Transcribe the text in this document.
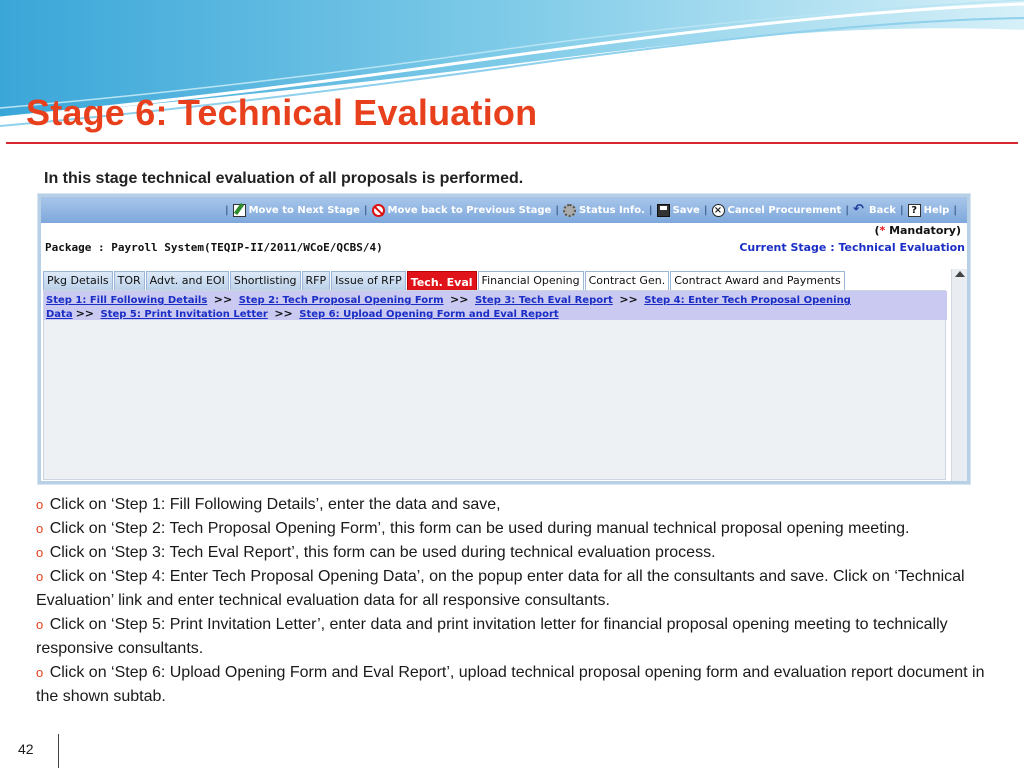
Stage 6: Technical Evaluation
In this stage technical evaluation of all proposals is performed.
| Move to Next Stage | Move back to Previous Stage | Status Info. | Save | × Cancel Procurement | ↶ Back | ? Help |
(* Mandatory)
Package : Payroll System(TEQIP-II/2011/WCoE/QCBS/4)	Current Stage : Technical Evaluation
Pkg Details TOR Advt. and EOI Shortlisting RFP Issue of RFP Tech. Eval Financial Opening Contract Gen. Contract Award and Payments
Step 1: Fill Following Details >> Step 2: Tech Proposal Opening Form >> Step 3: Tech Eval Report >> Step 4: Enter Tech Proposal Opening
Data >> Step 5: Print Invitation Letter >> Step 6: Upload Opening Form and Eval Report

o Click on ‘Step 1: Fill Following Details’, enter the data and save,

o Click on ‘Step 2: Tech Proposal Opening Form’, this form can be used during manual technical proposal opening meeting.

o Click on ‘Step 3: Tech Eval Report’, this form can be used during technical evaluation process.

o Click on ‘Step 4: Enter Tech Proposal Opening Data’, on the popup enter data for all the consultants and save. Click on ‘Technical Evaluation’ link and enter technical evaluation data for all responsive consultants.

o Click on ‘Step 5: Print Invitation Letter’, enter data and print invitation letter for financial proposal opening meeting to technically responsive consultants.

o Click on ‘Step 6: Upload Opening Form and Eval Report’, upload technical proposal opening form and evaluation report document in the shown subtab.

42
